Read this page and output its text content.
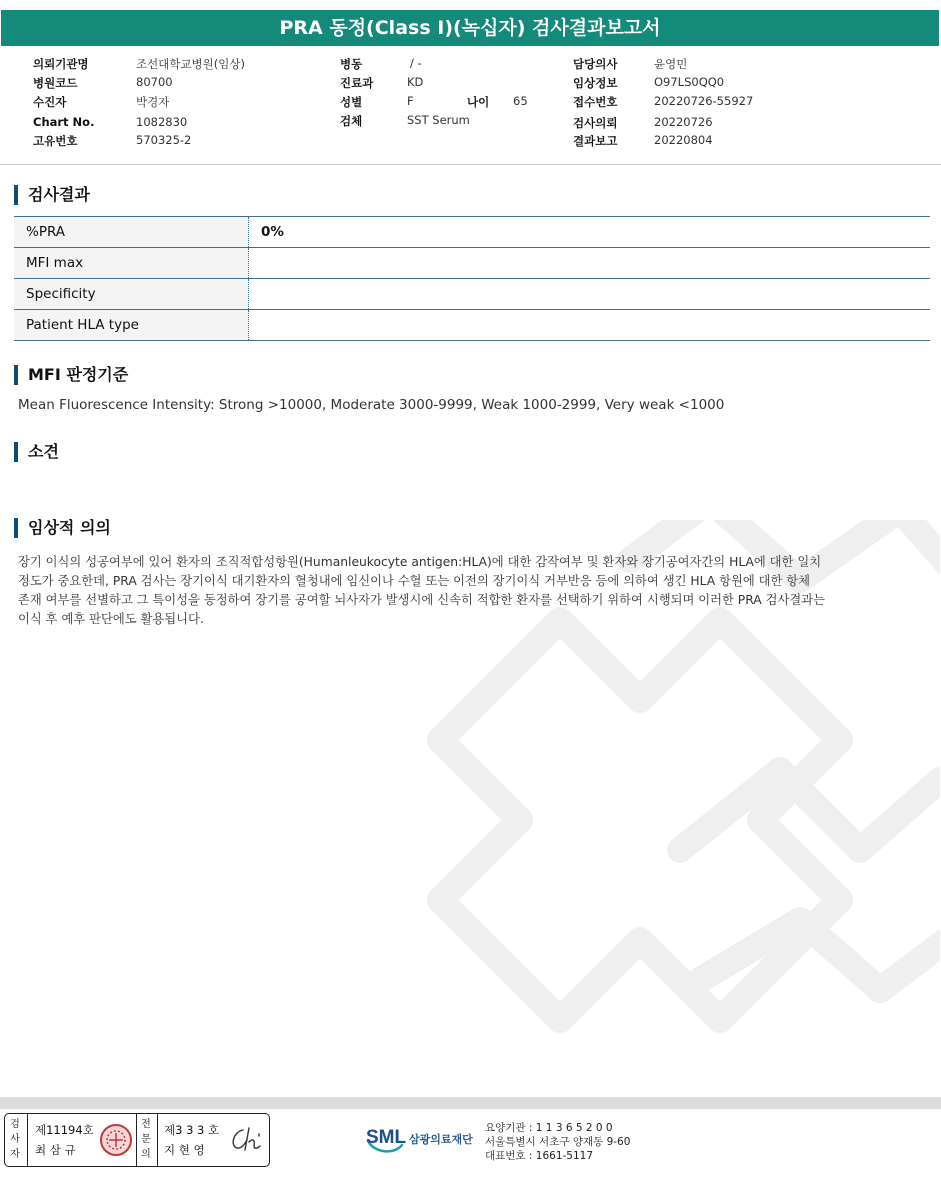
PRA 동정(Class I)(녹십자) 검사결과보고서
의뢰기관명	조선대학교병원(임상)
병원코드	80700
수진자	박경자
Chart No.	1082830
고유번호	570325-2
병동	/ -
진료과	KD
성별	F	나이 65
검체	SST Serum
담당의사	윤영민
임상정보	O97LS0QQ0
접수번호	20220726-55927
검사의뢰	20220726
결과보고	20220804
검사결과
%PRA	0%
MFI max	
Specificity	
Patient HLA type	
MFI 판정기준
Mean Fluorescence Intensity: Strong >10000, Moderate 3000-9999, Weak 1000-2999, Very weak <1000
소견
임상적 의의
장기 이식의 성공여부에 있어 환자의 조직적합성항원(Humanleukocyte antigen:HLA)에 대한 감작여부 및 환자와 장기공여자간의 HLA에 대한 일치
정도가 중요한데, PRA 검사는 장기이식 대기환자의 혈청내에 임신이나 수혈 또는 이전의 장기이식 거부반응 등에 의하여 생긴 HLA 항원에 대한 항체
존재 여부를 선별하고 그 특이성을 동정하여 장기를 공여할 뇌사자가 발생시에 신속히 적합한 환자를 선택하기 위하여 시행되며 이러한 PRA 검사결과는
이식 후 예후 판단에도 활용됩니다.
검사자
제11194호
최 삼 규
전문의
제3 3 3 호
지 현 영
SML 삼광의료재단
요양기관 : 1 1 3 6 5 2 0 0
서울특별시 서초구 양재동 9-60
대표번호 : 1661-5117
